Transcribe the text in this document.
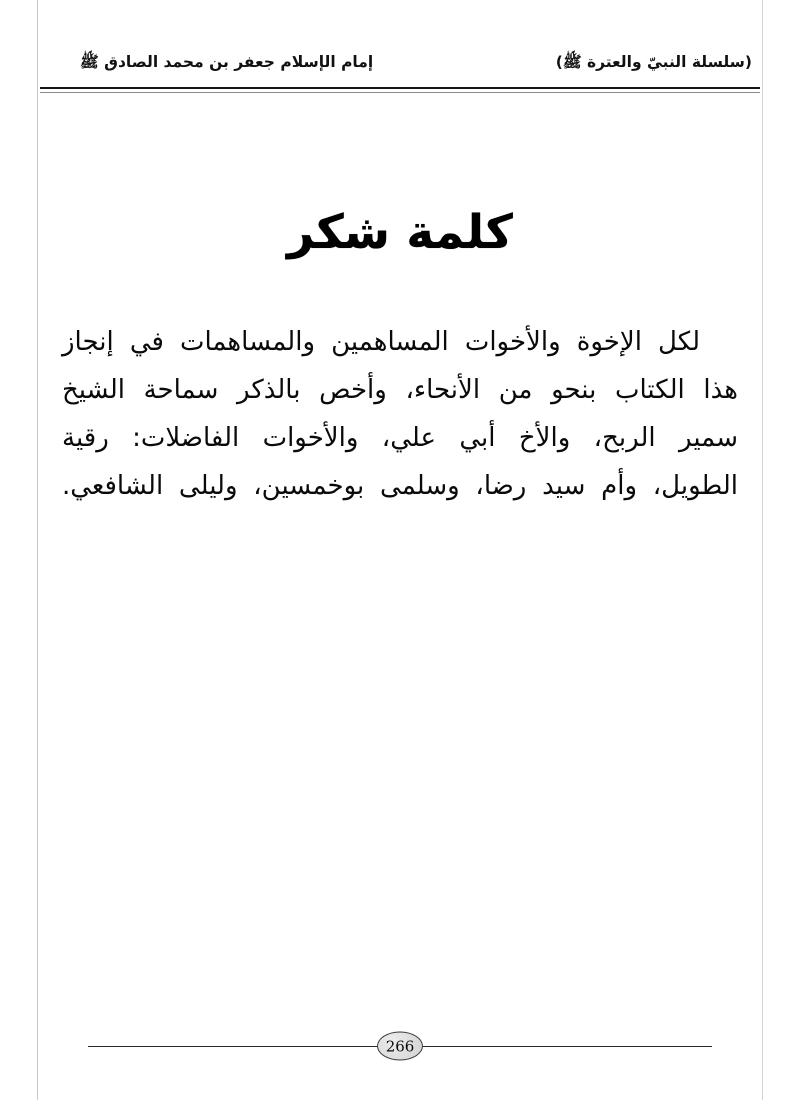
(سلسلة النبيّ والعترة ﷺ)
إمام الإسلام جعفر بن محمد الصادق ﷺ
كلمة شكر

لكل الإخوة والأخوات المساهمين والمساهمات في إنجاز هذا الكتاب بنحو من الأنحاء، وأخص بالذكر سماحة الشيخ سمير الربح، والأخ أبي علي، والأخوات الفاضلات: رقية الطويل، وأم سيد رضا، وسلمى بوخمسين، وليلى الشافعي.

266
